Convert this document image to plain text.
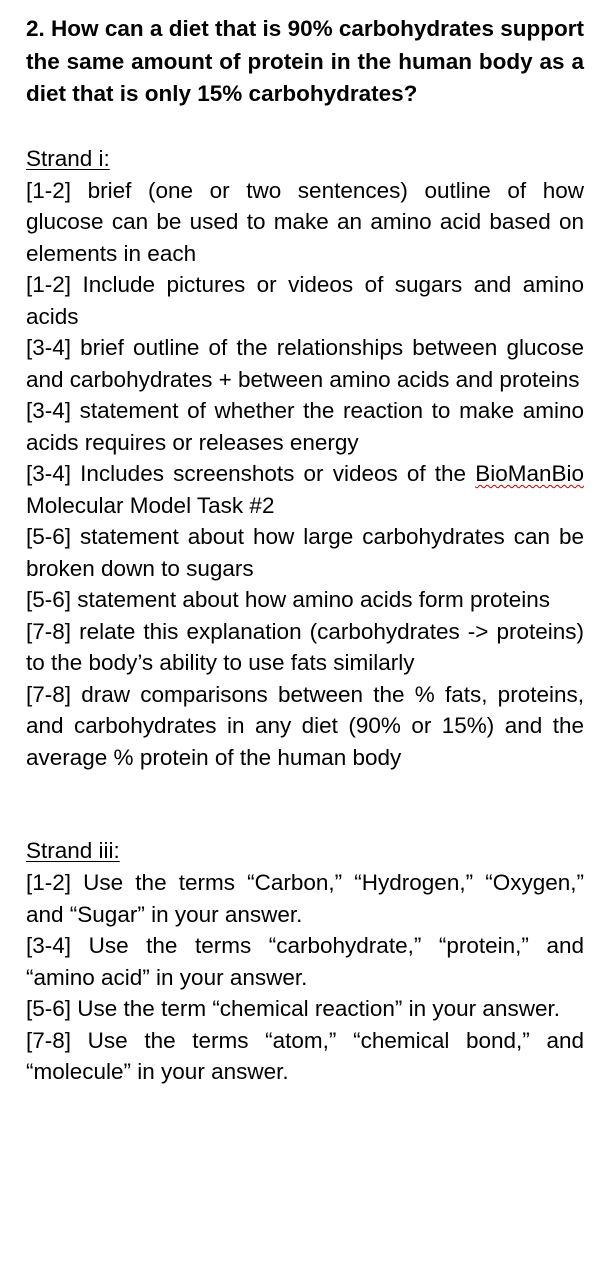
2. How can a diet that is 90% carbohydrates support the same amount of protein in the human body as a diet that is only 15% carbohydrates?

Strand i:

[1-2] brief (one or two sentences) outline of how glucose can be used to make an amino acid based on elements in each

[1-2] Include pictures or videos of sugars and amino acids

[3-4] brief outline of the relationships between glucose and carbohydrates + between amino acids and proteins

[3-4] statement of whether the reaction to make amino acids requires or releases energy

[3-4] Includes screenshots or videos of the BioManBio Molecular Model Task #2

[5-6] statement about how large carbohydrates can be broken down to sugars

[5-6] statement about how amino acids form proteins

[7-8] relate this explanation (carbohydrates -> proteins) to the body’s ability to use fats similarly

[7-8] draw comparisons between the % fats, proteins, and carbohydrates in any diet (90% or 15%) and the average % protein of the human body

Strand iii:

[1-2] Use the terms “Carbon,” “Hydrogen,” “Oxygen,” and “Sugar” in your answer.

[3-4] Use the terms “carbohydrate,” “protein,” and “amino acid” in your answer.

[5-6] Use the term “chemical reaction” in your answer.

[7-8] Use the terms “atom,” “chemical bond,” and “molecule” in your answer.
